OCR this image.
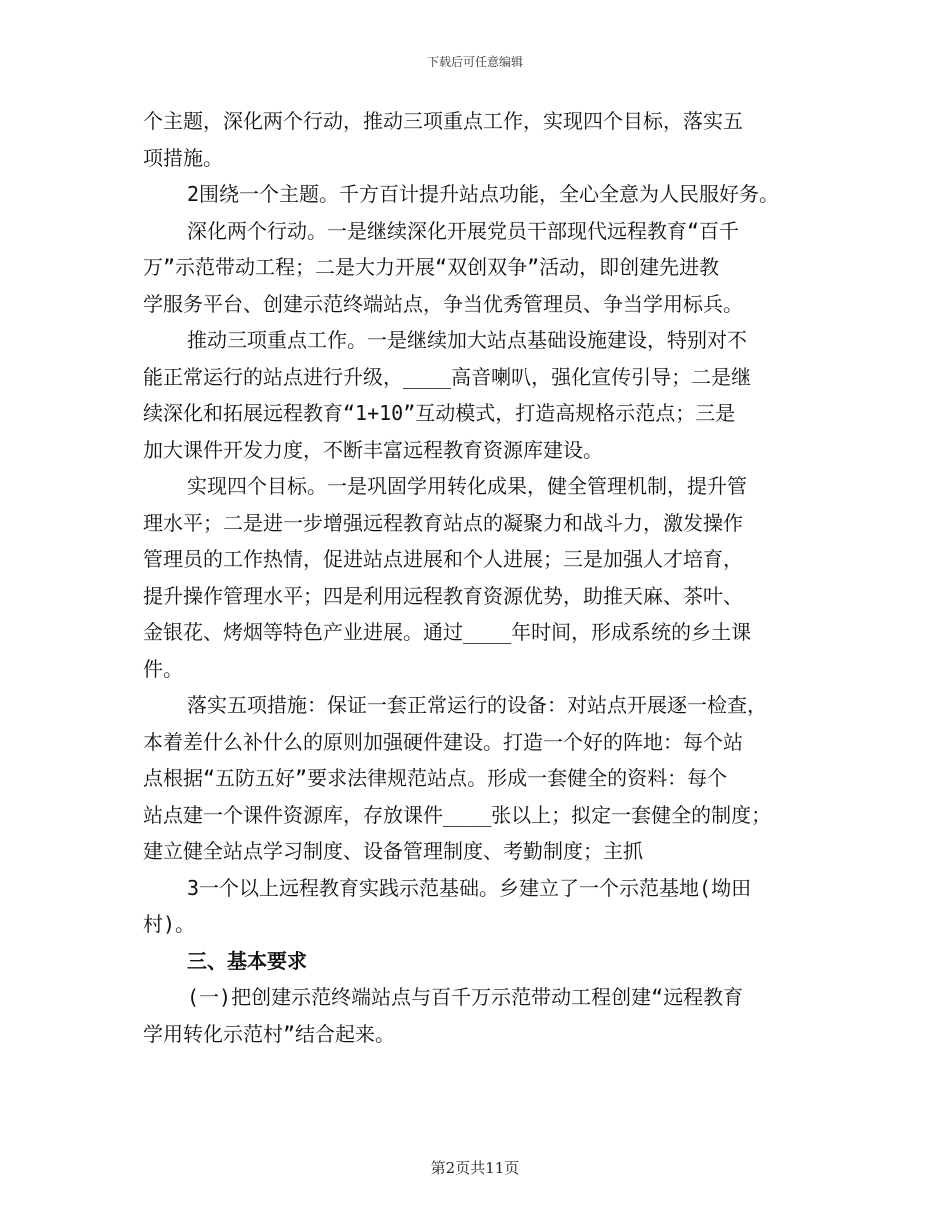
下载后可任意编辑

个主题，深化两个行动，推动三项重点工作，实现四个目标，落实五

项措施。

2围绕一个主题。千方百计提升站点功能，全心全意为人民服好务。

深化两个行动。一是继续深化开展党员干部现代远程教育“百千

万”示范带动工程；二是大力开展“双创双争”活动，即创建先进教

学服务平台、创建示范终端站点，争当优秀管理员、争当学用标兵。

推动三项重点工作。一是继续加大站点基础设施建设，特别对不

能正常运行的站点进行升级，____高音喇叭，强化宣传引导；二是继

续深化和拓展远程教育“1+10”互动模式，打造高规格示范点；三是

加大课件开发力度，不断丰富远程教育资源库建设。

实现四个目标。一是巩固学用转化成果，健全管理机制，提升管

理水平；二是进一步增强远程教育站点的凝聚力和战斗力，激发操作

管理员的工作热情，促进站点进展和个人进展；三是加强人才培育，

提升操作管理水平；四是利用远程教育资源优势，助推天麻、茶叶、

金银花、烤烟等特色产业进展。通过____年时间，形成系统的乡土课

件。

落实五项措施：保证一套正常运行的设备：对站点开展逐一检查，

本着差什么补什么的原则加强硬件建设。打造一个好的阵地：每个站

点根据“五防五好”要求法律规范站点。形成一套健全的资料：每个

站点建一个课件资源库，存放课件____张以上；拟定一套健全的制度；

建立健全站点学习制度、设备管理制度、考勤制度；主抓

3一个以上远程教育实践示范基础。乡建立了一个示范基地(坳田

村)。

三、基本要求

(一)把创建示范终端站点与百千万示范带动工程创建“远程教育

学用转化示范村”结合起来。

第2页共11页
